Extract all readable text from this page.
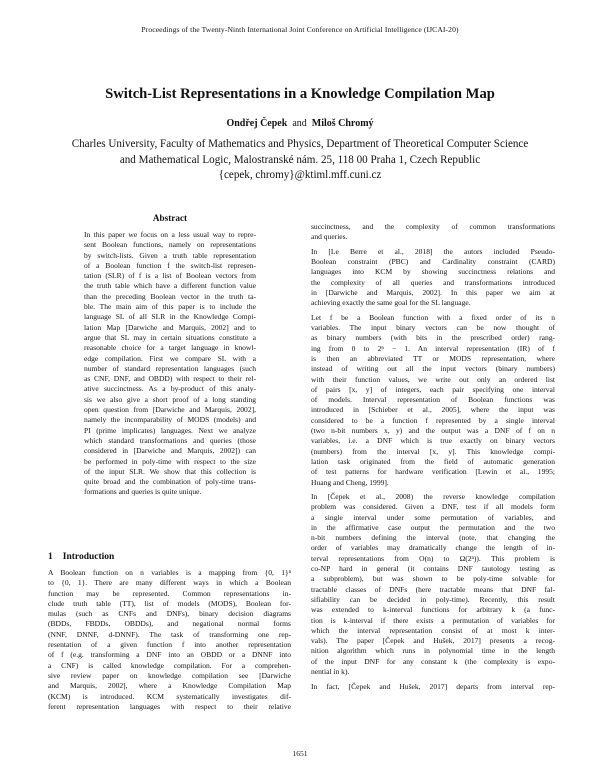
Proceedings of the Twenty-Ninth International Joint Conference on Artificial Intelligence (IJCAI-20)
Switch-List Representations in a Knowledge Compilation Map
Ondřej Čepek and Miloš Chromý
Charles University, Faculty of Mathematics and Physics, Department of Theoretical Computer Science
and Mathematical Logic, Malostranské nám. 25, 118 00 Praha 1, Czech Republic
{cepek, chromy}@ktiml.mff.cuni.cz
Abstract
In this paper we focus on a less usual way to repre-
sent Boolean functions, namely on representations
by switch-lists. Given a truth table representation
of a Boolean function f the switch-list represen-
tation (SLR) of f is a list of Boolean vectors from
the truth table which have a different function value
than the preceding Boolean vector in the truth ta-
ble. The main aim of this paper is to include the
language SL of all SLR in the Knowledge Compi-
lation Map [Darwiche and Marquis, 2002] and to
argue that SL may in certain situations constitute a
reasonable choice for a target language in knowl-
edge compilation. First we compare SL with a
number of standard representation languages (such
as CNF, DNF, and OBDD) with respect to their rel-
ative succinctness. As a by-product of this analy-
sis we also give a short proof of a long standing
open question from [Darwiche and Marquis, 2002],
namely the incomparability of MODS (models) and
PI (prime implicates) languages. Next we analyze
which standard transformations and queries (those
considered in [Darwiche and Marquis, 2002]) can
be performed in poly-time with respect to the size
of the input SLR. We show that this collection is
quite broad and the combination of poly-time trans-
formations and queries is quite unique.
1 Introduction
A Boolean function on n variables is a mapping from {0, 1}ⁿ
to {0, 1}. There are many different ways in which a Boolean
function may be represented. Common representations in-
clude truth table (TT), list of models (MODS), Boolean for-
mulas (such as CNFs and DNFs), binary decision diagrams
(BDDs, FBDDs, OBDDs), and negational normal forms
(NNF, DNNF, d-DNNF). The task of transforming one rep-
resentation of a given function f into another representation
of f (e.g. transforming a DNF into an OBDD or a DNNF into
a CNF) is called knowledge compilation. For a comprehen-
sive review paper on knowledge compilation see [Darwiche
and Marquis, 2002], where a Knowledge Compilation Map
(KCM) is introduced. KCM systematically investigates dif-
ferent representation languages with respect to their relative
succinctness, and the complexity of common transformations
and queries.
In [Le Berre et al., 2018] the autors included Pseudo-
Boolean constraint (PBC) and Cardinality constraint (CARD)
languages into KCM by showing succinctness relations and
the complexity of all queries and transformations introduced
in [Darwiche and Marquis, 2002]. In this paper we aim at
achieving exactly the same goal for the SL language.
Let f be a Boolean function with a fixed order of its n
variables. The input binary vectors can be now thought of
as binary numbers (with bits in the prescribed order) rang-
ing from 0 to 2ⁿ − 1. An interval representation (IR) of f
is then an abbreviated TT or MODS representation, where
instead of writing out all the input vectors (binary numbers)
with their function values, we write out only an ordered list
of pairs [x, y] of integers, each pair specifying one interval
of models. Interval representation of Boolean functions was
introduced in [Schieber et al., 2005], where the input was
considered to be a function f represented by a single interval
(two n-bit numbers x, y) and the output was a DNF of f on n
variables, i.e. a DNF which is true exactly on binary vectors
(numbers) from the interval [x, y]. This knowledge compi-
lation task originated from the field of automatic generation
of test patterns for hardware verification [Lewin et al., 1995;
Huang and Cheng, 1999].
In [Čepek et al., 2008) the reverse knowledge compilation
problem was considered. Given a DNF, test if all models form
a single interval under some permutation of variables, and
in the affirmative case output the permutation and the two
n-bit numbers defining the interval (note, that changing the
order of variables may dramatically change the length of in-
terval representations from O(n) to Ω(2ⁿ)). This problem is
co-NP hard in general (it contains DNF tautology testing as
a subproblem), but was shown to be poly-time solvable for
tractable classes of DNFs (here tractable means that DNF fal-
sifiability can be decided in poly-time). Recently, this result
was extended to k-interval functions for arbitrary k (a func-
tion is k-interval if there exists a permutation of variables for
which the interval representation consist of at most k inter-
vals). The paper [Čepek and Hušek, 2017] presents a recog-
nition algorithm which runs in polynomial time in the length
of the input DNF for any constant k (the complexity is expo-
nential in k).
In fact, [Čepek and Hušek, 2017] departs from interval rep-
1651
